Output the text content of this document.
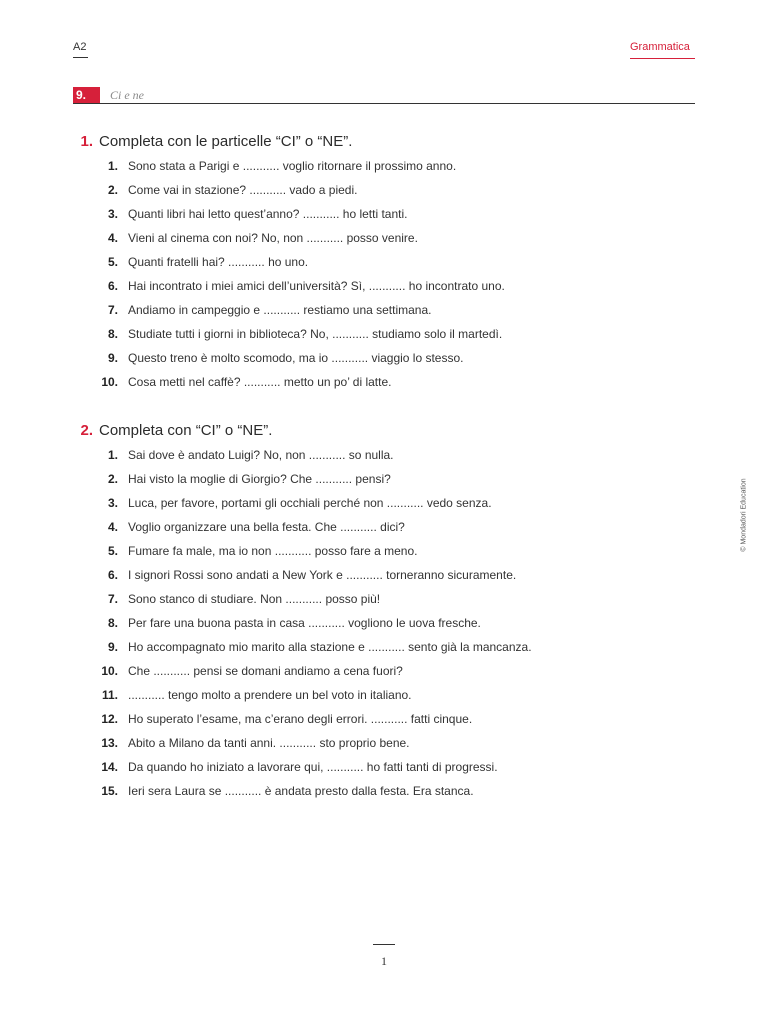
A2	Grammatica
9.	Ci e ne
1. Completa con le particelle “CI” o “NE”.
1. Sono stata a Parigi e ........... voglio ritornare il prossimo anno.
2. Come vai in stazione? ........... vado a piedi.
3. Quanti libri hai letto quest’anno? ........... ho letti tanti.
4. Vieni al cinema con noi? No, non ........... posso venire.
5. Quanti fratelli hai? ........... ho uno.
6. Hai incontrato i miei amici dell’università? Sì, ........... ho incontrato uno.
7. Andiamo in campeggio e ........... restiamo una settimana.
8. Studiate tutti i giorni in biblioteca? No, ........... studiamo solo il martedì.
9. Questo treno è molto scomodo, ma io ........... viaggio lo stesso.
10. Cosa metti nel caffè? ........... metto un po’ di latte.
2. Completa con “CI” o “NE”.
1. Sai dove è andato Luigi? No, non ........... so nulla.
2. Hai visto la moglie di Giorgio? Che ........... pensi?
3. Luca, per favore, portami gli occhiali perché non ........... vedo senza.
4. Voglio organizzare una bella festa. Che ........... dici?
5. Fumare fa male, ma io non ........... posso fare a meno.
6. I signori Rossi sono andati a New York e ........... torneranno sicuramente.
7. Sono stanco di studiare. Non ........... posso più!
8. Per fare una buona pasta in casa ........... vogliono le uova fresche.
9. Ho accompagnato mio marito alla stazione e ........... sento già la mancanza.
10. Che ........... pensi se domani andiamo a cena fuori?
11. ........... tengo molto a prendere un bel voto in italiano.
12. Ho superato l’esame, ma c’erano degli errori. ........... fatti cinque.
13. Abito a Milano da tanti anni. ........... sto proprio bene.
14. Da quando ho iniziato a lavorare qui, ........... ho fatti tanti di progressi.
15. Ieri sera Laura se ........... è andata presto dalla festa. Era stanca.
© Mondadori Education
1
